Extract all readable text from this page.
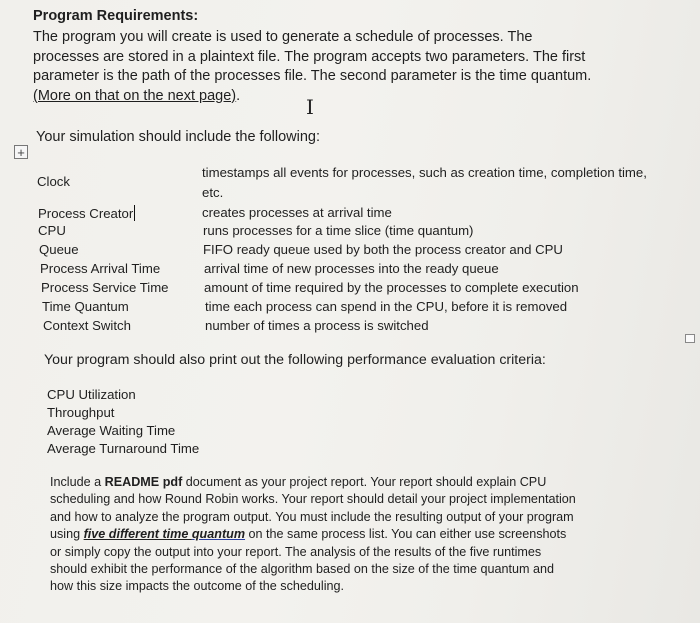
Program Requirements:
The program you will create is used to generate a schedule of processes. The processes are stored in a plaintext file. The program accepts two parameters. The first parameter is the path of the processes file. The second parameter is the time quantum. (More on that on the next page).	I
Your simulation should include the following:
+
Clock
Process Creator
CPU
Queue
Process Arrival Time
Process Service Time
Time Quantum
Context Switch
timestamps all events for processes, such as creation time, completion time,
etc.
creates processes at arrival time
runs processes for a time slice (time quantum)
FIFO ready queue used by both the process creator and CPU
arrival time of new processes into the ready queue
amount of time required by the processes to complete execution
time each process can spend in the CPU, before it is removed
number of times a process is switched
Your program should also print out the following performance evaluation criteria:
CPU Utilization
Throughput
Average Waiting Time
Average Turnaround Time
Include a README pdf document as your project report. Your report should explain CPU scheduling and how Round Robin works. Your report should detail your project implementation and how to analyze the program output. You must include the resulting output of your program using five different time quantum on the same process list. You can either use screenshots or simply copy the output into your report. The analysis of the results of the five runtimes should exhibit the performance of the algorithm based on the size of the time quantum and how this size impacts the outcome of the scheduling.
